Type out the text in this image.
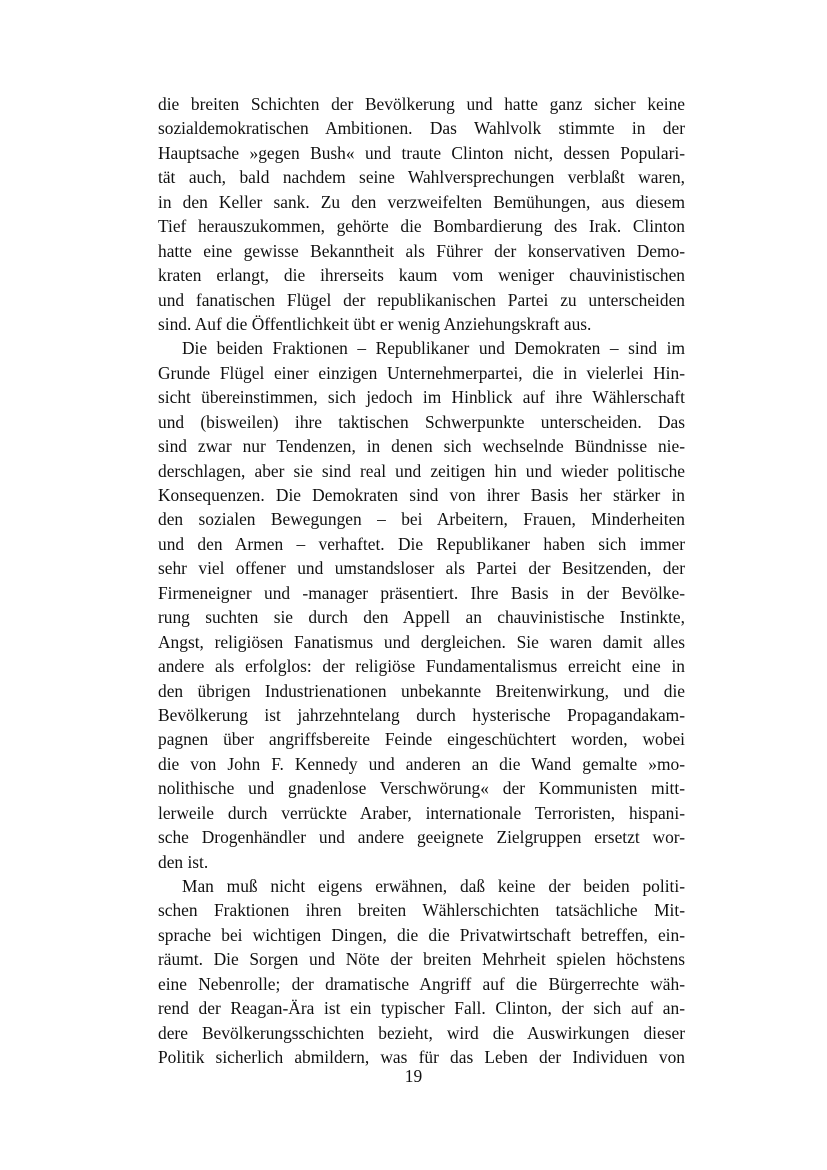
die breiten Schichten der Bevölkerung und hatte ganz sicher keine
sozialdemokratischen Ambitionen. Das Wahlvolk stimmte in der
Hauptsache »gegen Bush« und traute Clinton nicht, dessen Populari-
tät auch, bald nachdem seine Wahlversprechungen verblaßt waren,
in den Keller sank. Zu den verzweifelten Bemühungen, aus diesem
Tief herauszukommen, gehörte die Bombardierung des Irak. Clinton
hatte eine gewisse Bekanntheit als Führer der konservativen Demo-
kraten erlangt, die ihrerseits kaum vom weniger chauvinistischen
und fanatischen Flügel der republikanischen Partei zu unterscheiden
sind. Auf die Öffentlichkeit übt er wenig Anziehungskraft aus.
Die beiden Fraktionen – Republikaner und Demokraten – sind im
Grunde Flügel einer einzigen Unternehmerpartei, die in vielerlei Hin-
sicht übereinstimmen, sich jedoch im Hinblick auf ihre Wählerschaft
und (bisweilen) ihre taktischen Schwerpunkte unterscheiden. Das
sind zwar nur Tendenzen, in denen sich wechselnde Bündnisse nie-
derschlagen, aber sie sind real und zeitigen hin und wieder politische
Konsequenzen. Die Demokraten sind von ihrer Basis her stärker in
den sozialen Bewegungen – bei Arbeitern, Frauen, Minderheiten
und den Armen – verhaftet. Die Republikaner haben sich immer
sehr viel offener und umstandsloser als Partei der Besitzenden, der
Firmeneigner und -manager präsentiert. Ihre Basis in der Bevölke-
rung suchten sie durch den Appell an chauvinistische Instinkte,
Angst, religiösen Fanatismus und dergleichen. Sie waren damit alles
andere als erfolglos: der religiöse Fundamentalismus erreicht eine in
den übrigen Industrienationen unbekannte Breitenwirkung, und die
Bevölkerung ist jahrzehntelang durch hysterische Propagandakam-
pagnen über angriffsbereite Feinde eingeschüchtert worden, wobei
die von John F. Kennedy und anderen an die Wand gemalte »mo-
nolithische und gnadenlose Verschwörung« der Kommunisten mitt-
lerweile durch verrückte Araber, internationale Terroristen, hispani-
sche Drogenhändler und andere geeignete Zielgruppen ersetzt wor-
den ist.
Man muß nicht eigens erwähnen, daß keine der beiden politi-
schen Fraktionen ihren breiten Wählerschichten tatsächliche Mit-
sprache bei wichtigen Dingen, die die Privatwirtschaft betreffen, ein-
räumt. Die Sorgen und Nöte der breiten Mehrheit spielen höchstens
eine Nebenrolle; der dramatische Angriff auf die Bürgerrechte wäh-
rend der Reagan-Ära ist ein typischer Fall. Clinton, der sich auf an-
dere Bevölkerungsschichten bezieht, wird die Auswirkungen dieser
Politik sicherlich abmildern, was für das Leben der Individuen von
19
